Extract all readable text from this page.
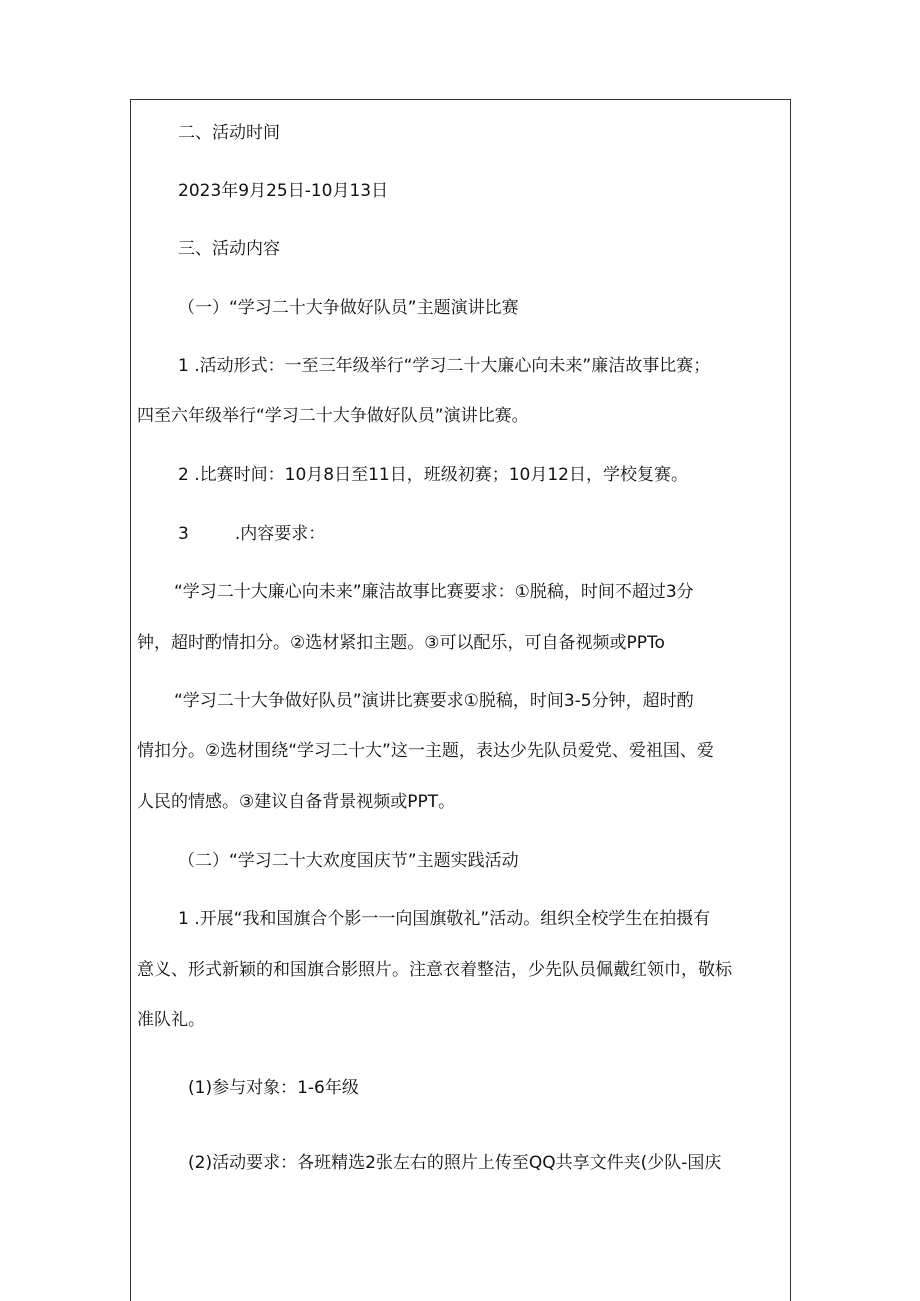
二、活动时间
2023年9月25日-10月13日
三、活动内容
（一）“学习二十大争做好队员”主题演讲比赛
1 .活动形式：一至三年级举行“学习二十大廉心向未来”廉洁故事比赛；
四至六年级举行“学习二十大争做好队员”演讲比赛。
2 .比赛时间：10月8日至11日，班级初赛；10月12日，学校复赛。
3	.内容要求：
“学习二十大廉心向未来”廉洁故事比赛要求：①脱稿，时间不超过3分
钟，超时酌情扣分。②选材紧扣主题。③可以配乐，可自备视频或PPTo
“学习二十大争做好队员”演讲比赛要求①脱稿，时间3-5分钟，超时酌
情扣分。②选材围绕“学习二十大”这一主题，表达少先队员爱党、爱祖国、爱
人民的情感。③建议自备背景视频或PPT。
（二）“学习二十大欢度国庆节”主题实践活动
1 .开展“我和国旗合个影一一向国旗敬礼”活动。组织全校学生在拍摄有
意义、形式新颖的和国旗合影照片。注意衣着整洁，少先队员佩戴红领巾，敬标
准队礼。
(1)参与对象：1-6年级
(2)活动要求：各班精选2张左右的照片上传至QQ共享文件夹(少队-国庆
